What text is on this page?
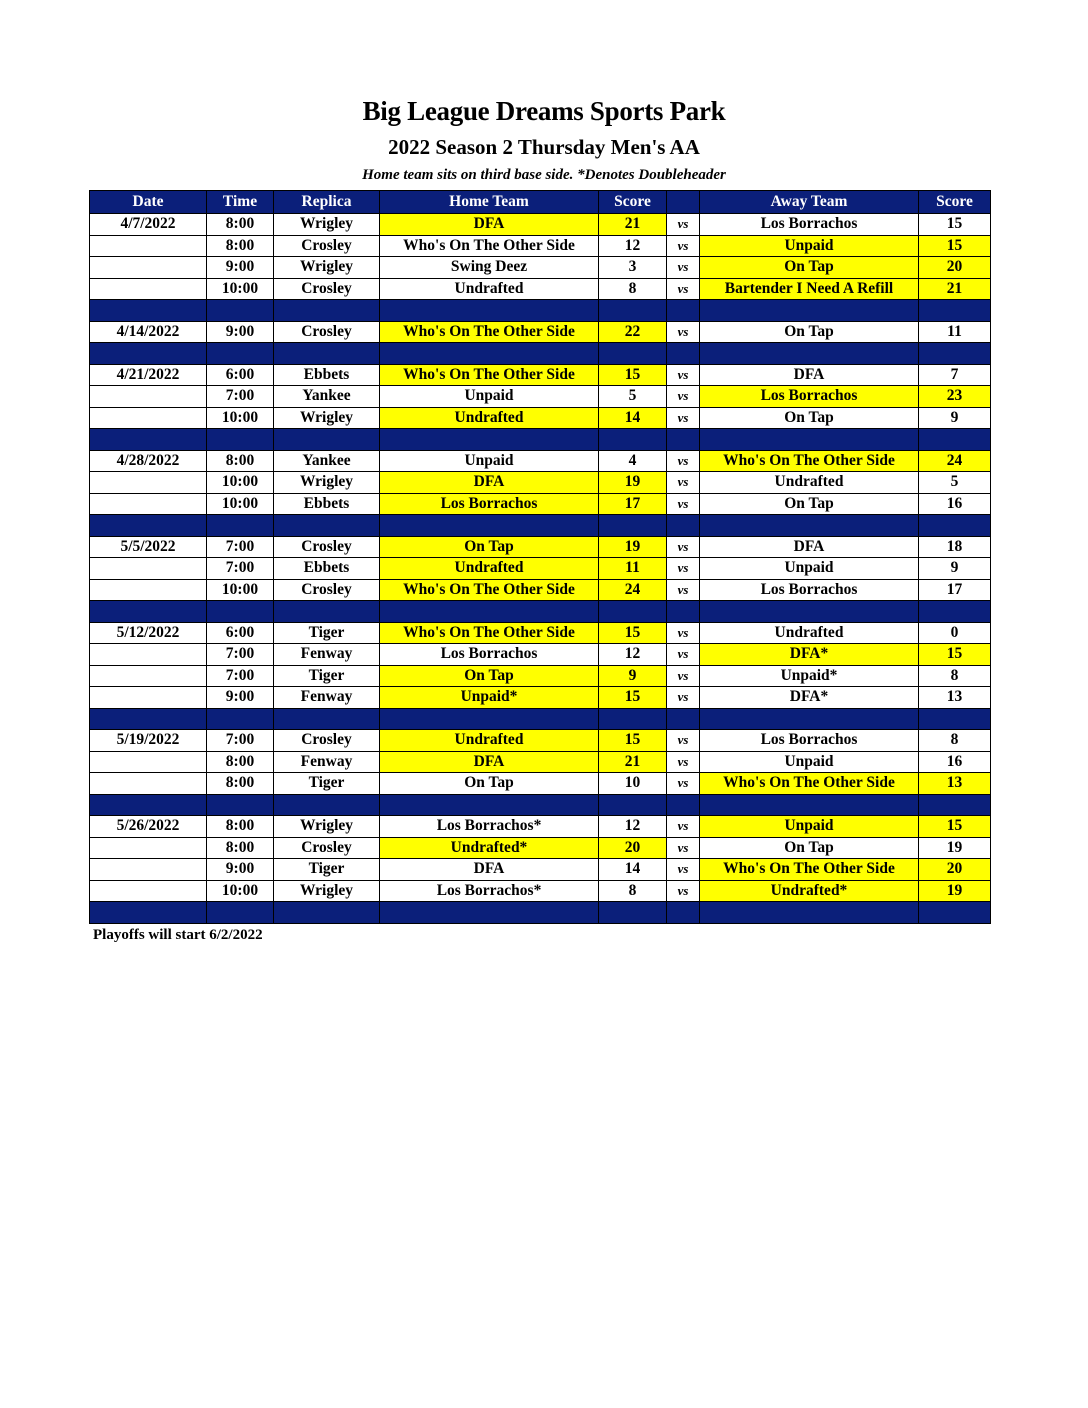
Big League Dreams Sports Park
2022 Season 2 Thursday Men's AA
Home team sits on third base side. *Denotes Doubleheader
Date	Time	Replica	Home Team	Score		Away Team	Score
4/7/2022	8:00	Wrigley	DFA	21	vs	Los Borrachos	15
	8:00	Crosley	Who's On The Other Side	12	vs	Unpaid	15
	9:00	Wrigley	Swing Deez	3	vs	On Tap	20
	10:00	Crosley	Undrafted	8	vs	Bartender I Need A Refill	21

4/14/2022	9:00	Crosley	Who's On The Other Side	22	vs	On Tap	11

4/21/2022	6:00	Ebbets	Who's On The Other Side	15	vs	DFA	7
	7:00	Yankee	Unpaid	5	vs	Los Borrachos	23
	10:00	Wrigley	Undrafted	14	vs	On Tap	9

4/28/2022	8:00	Yankee	Unpaid	4	vs	Who's On The Other Side	24
	10:00	Wrigley	DFA	19	vs	Undrafted	5
	10:00	Ebbets	Los Borrachos	17	vs	On Tap	16

5/5/2022	7:00	Crosley	On Tap	19	vs	DFA	18
	7:00	Ebbets	Undrafted	11	vs	Unpaid	9
	10:00	Crosley	Who's On The Other Side	24	vs	Los Borrachos	17

5/12/2022	6:00	Tiger	Who's On The Other Side	15	vs	Undrafted	0
	7:00	Fenway	Los Borrachos	12	vs	DFA*	15
	7:00	Tiger	On Tap	9	vs	Unpaid*	8
	9:00	Fenway	Unpaid*	15	vs	DFA*	13

5/19/2022	7:00	Crosley	Undrafted	15	vs	Los Borrachos	8
	8:00	Fenway	DFA	21	vs	Unpaid	16
	8:00	Tiger	On Tap	10	vs	Who's On The Other Side	13

5/26/2022	8:00	Wrigley	Los Borrachos*	12	vs	Unpaid	15
	8:00	Crosley	Undrafted*	20	vs	On Tap	19
	9:00	Tiger	DFA	14	vs	Who's On The Other Side	20
	10:00	Wrigley	Los Borrachos*	8	vs	Undrafted*	19

Playoffs will start 6/2/2022
